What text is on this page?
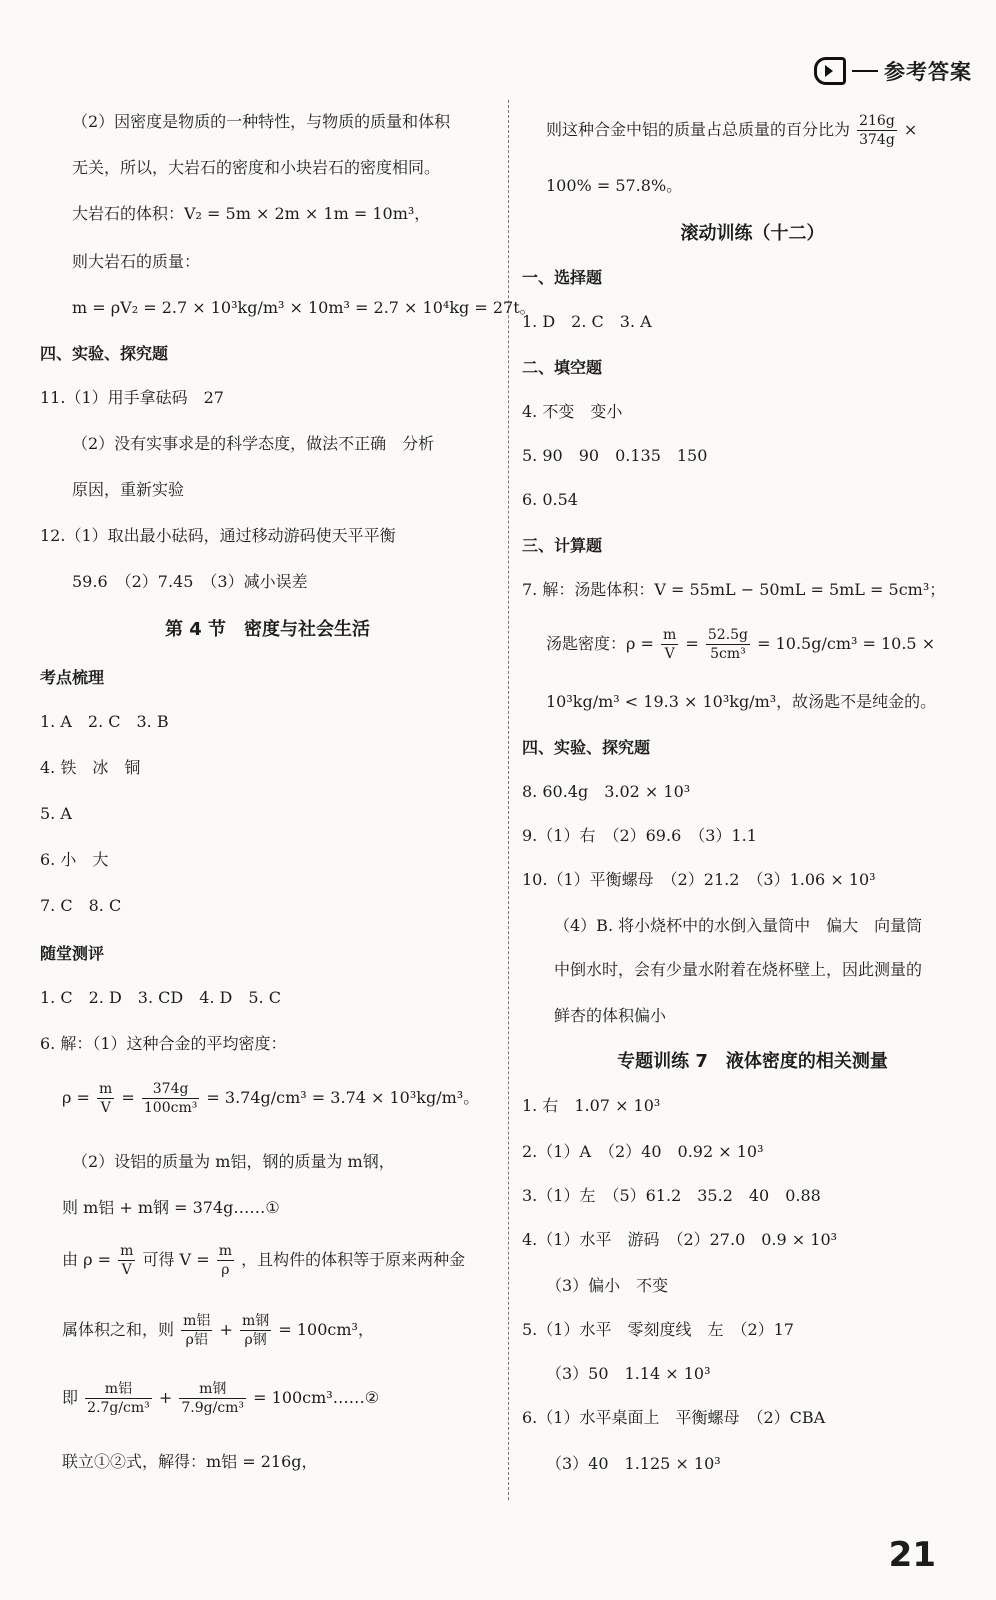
参考答案
（2）因密度是物质的一种特性，与物质的质量和体积
无关，所以，大岩石的密度和小块岩石的密度相同。
大岩石的体积：V₂ = 5m × 2m × 1m = 10m³，
则大岩石的质量：
m = ρV₂ = 2.7 × 10³kg/m³ × 10m³ = 2.7 × 10⁴kg = 27t。
四、实验、探究题
11.（1）用手拿砝码　27
（2）没有实事求是的科学态度，做法不正确　分析
原因，重新实验
12.（1）取出最小砝码，通过移动游码使天平平衡
59.6　（2）7.45　（3）减小误差
第 4 节　密度与社会生活
考点梳理
1. A　2. C　3. B
4. 铁　冰　铜
5. A
6. 小　大
7. C　8. C
随堂测评
1. C　2. D　3. CD　4. D　5. C
6. 解：（1）这种合金的平均密度：
$\rho = \frac{m}{V} = \frac{374g}{\text{100cm³}} = 3.74g/cm^3 = 3.74 \times 10^3kg/m^3$。
（2）设铝的质量为 m铝，钢的质量为 m钢，
则 m铝 + m钢 = 374g……①
由 $\rho = \frac{m}{V}$ 可得 $V = \frac{m}{\rho}$ ，且构件的体积等于原来两种金
属体积之和，则 $\frac{\text{m铝}}{\text{ρ铝}} + \frac{\text{m钢}}{\text{ρ钢}} = 100cm^3$，
即 $\frac{\text{m铝}}{\text{2.7g/cm³}} + \frac{\text{m钢}}{\text{7.9g/cm³}}$ = 100cm³……②
联立①②式，解得：m铝 = 216g，
则这种合金中铝的质量占总质量的百分比为 $\frac{216g}{374g}$ ×
100% = 57.8%。
滚动训练（十二）
一、选择题
1. D　2. C　3. A
二、填空题
4. 不变　变小
5. 90　90　0.135　150
6. 0.54
三、计算题
7. 解：汤匙体积：V = 55mL − 50mL = 5mL = 5cm³；
汤匙密度：$\rho = \frac{m}{V} = \frac{52.5g}{\text{5cm³}} = 10.5g/cm^3 = 10.5$ ×
10³kg/m³ < 19.3 × 10³kg/m³，故汤匙不是纯金的。
四、实验、探究题
8. 60.4g　3.02 × 10³
9.（1）右　（2）69.6　（3）1.1
10.（1）平衡螺母　（2）21.2　（3）1.06 × 10³
（4）B. 将小烧杯中的水倒入量筒中　偏大　向量筒
中倒水时，会有少量水附着在烧杯壁上，因此测量的
鲜杏的体积偏小
专题训练 7　液体密度的相关测量
1. 右　1.07 × 10³
2.（1）A　（2）40　0.92 × 10³
3.（1）左　（5）61.2　35.2　40　0.88
4.（1）水平　游码　（2）27.0　0.9 × 10³
（3）偏小　不变
5.（1）水平　零刻度线　左　（2）17
（3）50　1.14 × 10³
6.（1）水平桌面上　平衡螺母　（2）CBA
（3）40　1.125 × 10³
21
